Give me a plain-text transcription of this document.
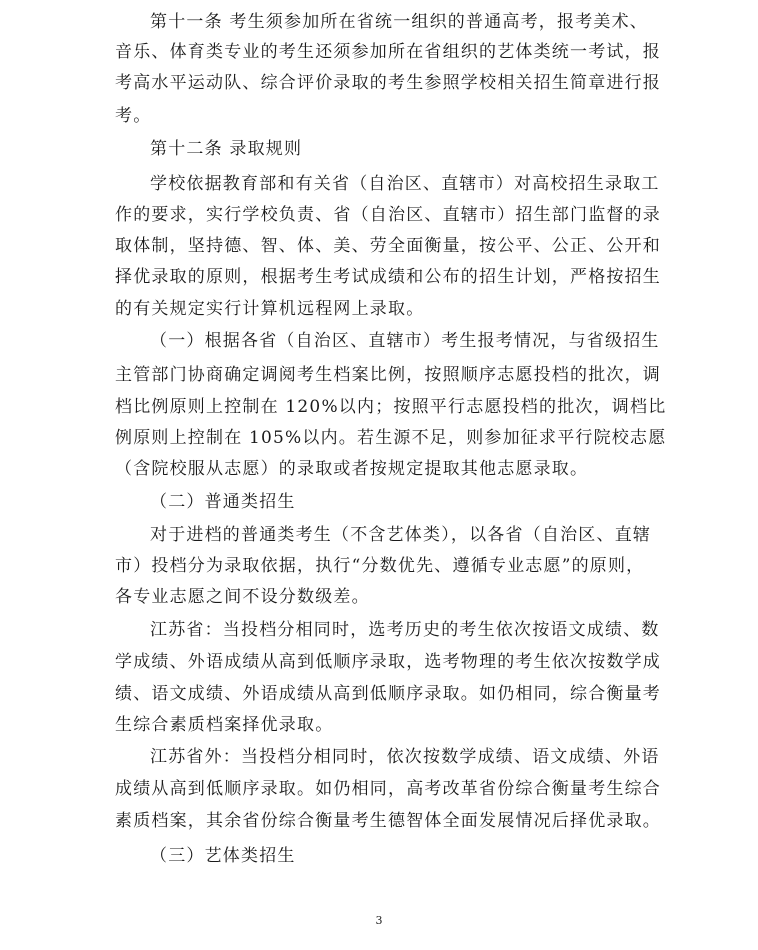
第十一条 考生须参加所在省统一组织的普通高考，报考美术、
音乐、体育类专业的考生还须参加所在省组织的艺体类统一考试，报
考高水平运动队、综合评价录取的考生参照学校相关招生简章进行报
考。
第十二条 录取规则
学校依据教育部和有关省（自治区、直辖市）对高校招生录取工
作的要求，实行学校负责、省（自治区、直辖市）招生部门监督的录
取体制，坚持德、智、体、美、劳全面衡量，按公平、公正、公开和
择优录取的原则，根据考生考试成绩和公布的招生计划，严格按招生
的有关规定实行计算机远程网上录取。
（一）根据各省（自治区、直辖市）考生报考情况，与省级招生
主管部门协商确定调阅考生档案比例，按照顺序志愿投档的批次，调
档比例原则上控制在 120%以内；按照平行志愿投档的批次，调档比
例原则上控制在 105%以内。若生源不足，则参加征求平行院校志愿
（含院校服从志愿）的录取或者按规定提取其他志愿录取。
（二）普通类招生
对于进档的普通类考生（不含艺体类），以各省（自治区、直辖
市）投档分为录取依据，执行“分数优先、遵循专业志愿”的原则，
各专业志愿之间不设分数级差。
江苏省：当投档分相同时，选考历史的考生依次按语文成绩、数
学成绩、外语成绩从高到低顺序录取，选考物理的考生依次按数学成
绩、语文成绩、外语成绩从高到低顺序录取。如仍相同，综合衡量考
生综合素质档案择优录取。
江苏省外：当投档分相同时，依次按数学成绩、语文成绩、外语
成绩从高到低顺序录取。如仍相同，高考改革省份综合衡量考生综合
素质档案，其余省份综合衡量考生德智体全面发展情况后择优录取。
（三）艺体类招生
3
